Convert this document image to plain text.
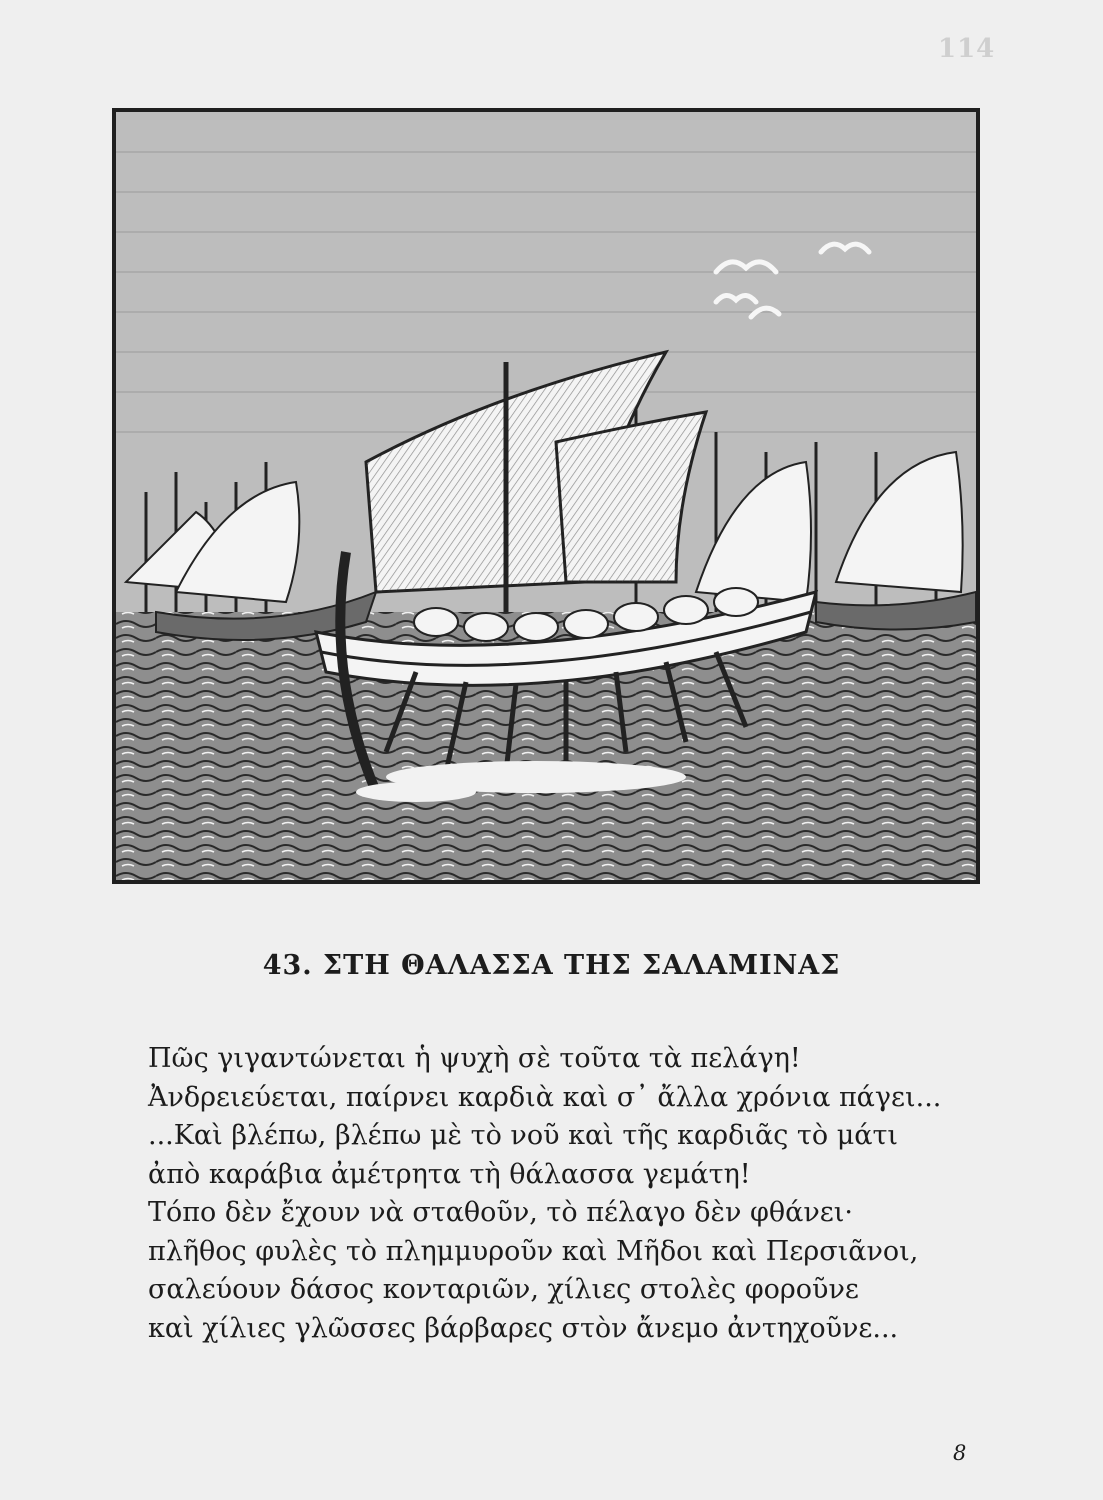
114
43. ΣΤΗ ΘΑΛΑΣΣΑ ΤΗΣ ΣΑΛΑΜΙΝΑΣ
Πῶς γιγαντώνεται ἡ ψυχὴ σὲ τοῦτα τὰ πελάγη!
Ἀνδρειεύεται, παίρνει καρδιὰ καὶ σ᾽ ἄλλα χρόνια πάγει...
...Καὶ βλέπω, βλέπω μὲ τὸ νοῦ καὶ τῆς καρδιᾶς τὸ μάτι
ἀπὸ καράβια ἀμέτρητα τὴ θάλασσα γεμάτη!
Τόπο δὲν ἔχουν νὰ σταθοῦν, τὸ πέλαγο δὲν φθάνει·
πλῆθος φυλὲς τὸ πλημμυροῦν καὶ Μῆδοι καὶ Περσιᾶνοι,
σαλεύουν δάσος κονταριῶν, χίλιες στολὲς φοροῦνε
καὶ χίλιες γλῶσσες βάρβαρες στὸν ἄνεμο ἀντηχοῦνε...
8
